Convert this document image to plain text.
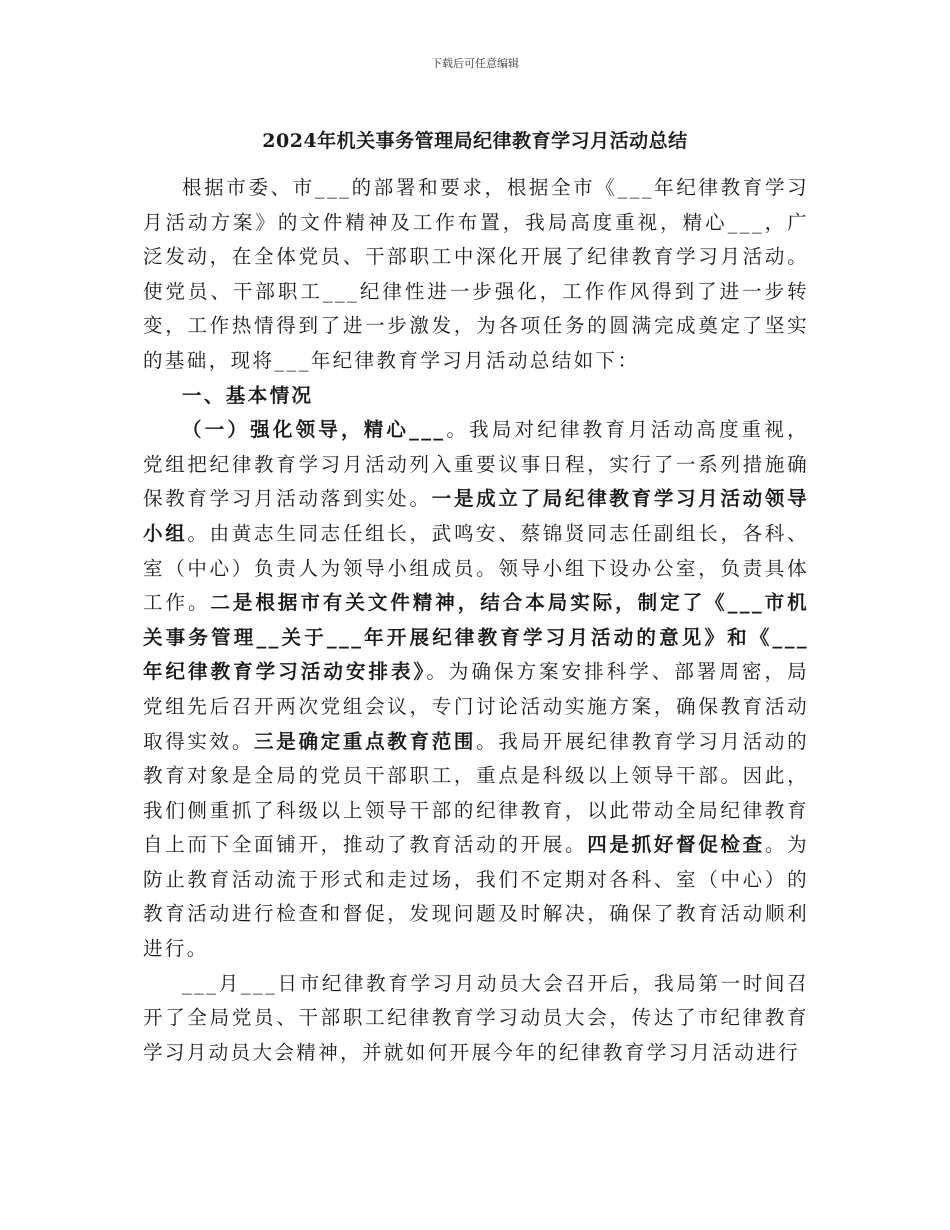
下载后可任意编辑
2024年机关事务管理局纪律教育学习月活动总结

根据市委、市___的部署和要求，根据全市《___年纪律教育学习月活动方案》的文件精神及工作布置，我局高度重视，精心___，广泛发动，在全体党员、干部职工中深化开展了纪律教育学习月活动。使党员、干部职工___纪律性进一步强化，工作作风得到了进一步转变，工作热情得到了进一步激发，为各项任务的圆满完成奠定了坚实的基础，现将___年纪律教育学习月活动总结如下：

一、基本情况

（一）强化领导，精心___。我局对纪律教育月活动高度重视，党组把纪律教育学习月活动列入重要议事日程，实行了一系列措施确保教育学习月活动落到实处。一是成立了局纪律教育学习月活动领导小组。由黄志生同志任组长，武鸣安、蔡锦贤同志任副组长，各科、室（中心）负责人为领导小组成员。领导小组下设办公室，负责具体工作。二是根据市有关文件精神，结合本局实际，制定了《___市机关事务管理__关于___年开展纪律教育学习月活动的意见》和《___年纪律教育学习活动安排表》。为确保方案安排科学、部署周密，局党组先后召开两次党组会议，专门讨论活动实施方案，确保教育活动取得实效。三是确定重点教育范围。我局开展纪律教育学习月活动的教育对象是全局的党员干部职工，重点是科级以上领导干部。因此，我们侧重抓了科级以上领导干部的纪律教育，以此带动全局纪律教育自上而下全面铺开，推动了教育活动的开展。四是抓好督促检查。为防止教育活动流于形式和走过场，我们不定期对各科、室（中心）的教育活动进行检查和督促，发现问题及时解决，确保了教育活动顺利进行。

___月___日市纪律教育学习月动员大会召开后，我局第一时间召开了全局党员、干部职工纪律教育学习动员大会，传达了市纪律教育学习月动员大会精神，并就如何开展今年的纪律教育学习月活动进行
